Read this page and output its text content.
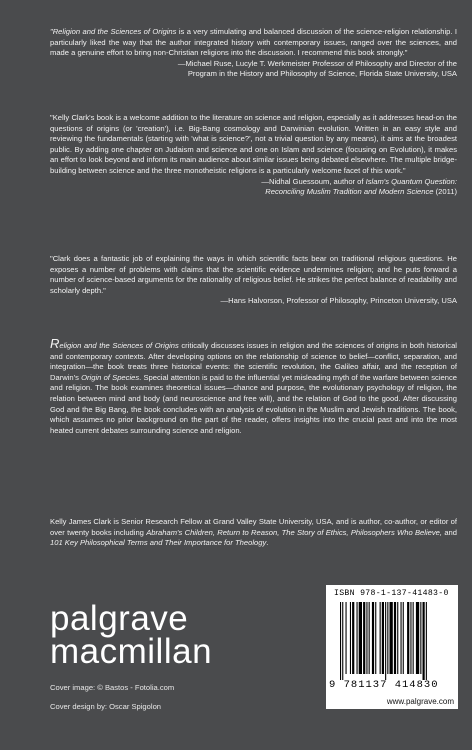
"Religion and the Sciences of Origins is a very stimulating and balanced discussion of the science-religion relationship. I particularly liked the way that the author integrated history with contemporary issues, ranged over the sciences, and made a genuine effort to bring non-Christian religions into the discussion. I recommend this book strongly."
—Michael Ruse, Lucyle T. Werkmeister Professor of Philosophy and Director of the
Program in the History and Philosophy of Science, Florida State University, USA
"Kelly Clark's book is a welcome addition to the literature on science and religion, especially as it addresses head-on the questions of origins (or 'creation'), i.e. Big-Bang cosmology and Darwinian evolution. Written in an easy style and reviewing the fundamentals (starting with 'what is science?', not a trivial question by any means), it aims at the broadest public. By adding one chapter on Judaism and science and one on Islam and science (focusing on Evolution), it makes an effort to look beyond and inform its main audience about similar issues being debated elsewhere. The multiple bridge-building between science and the three monotheistic religions is a particularly welcome facet of this work."
—Nidhal Guessoum, author of Islam's Quantum Question:
Reconciling Muslim Tradition and Modern Science (2011)
"Clark does a fantastic job of explaining the ways in which scientific facts bear on traditional religious questions. He exposes a number of problems with claims that the scientific evidence undermines religion; and he puts forward a number of science-based arguments for the rationality of religious belief. He strikes the perfect balance of readability and scholarly depth."
—Hans Halvorson, Professor of Philosophy, Princeton University, USA
Religion and the Sciences of Origins critically discusses issues in religion and the sciences of origins in both historical and contemporary contexts. After developing options on the relationship of science to belief—conflict, separation, and integration—the book treats three historical events: the scientific revolution, the Galileo affair, and the reception of Darwin's Origin of Species. Special attention is paid to the influential yet misleading myth of the warfare between science and religion. The book examines theoretical issues—chance and purpose, the evolutionary psychology of religion, the relation between mind and body (and neuroscience and free will), and the relation of God to the good. After discussing God and the Big Bang, the book concludes with an analysis of evolution in the Muslim and Jewish traditions. The book, which assumes no prior background on the part of the reader, offers insights into the crucial past and into the most heated current debates surrounding science and religion.
Kelly James Clark is Senior Research Fellow at Grand Valley State University, USA, and is author, co-author, or editor of over twenty books including Abraham's Children, Return to Reason, The Story of Ethics, Philosophers Who Believe, and 101 Key Philosophical Terms and Their Importance for Theology.
palgrave
macmillan
Cover image: © Bastos - Fotolia.com
Cover design by: Oscar Spigolon
ISBN 978-1-137-41483-0
9 781137 414830
www.palgrave.com
